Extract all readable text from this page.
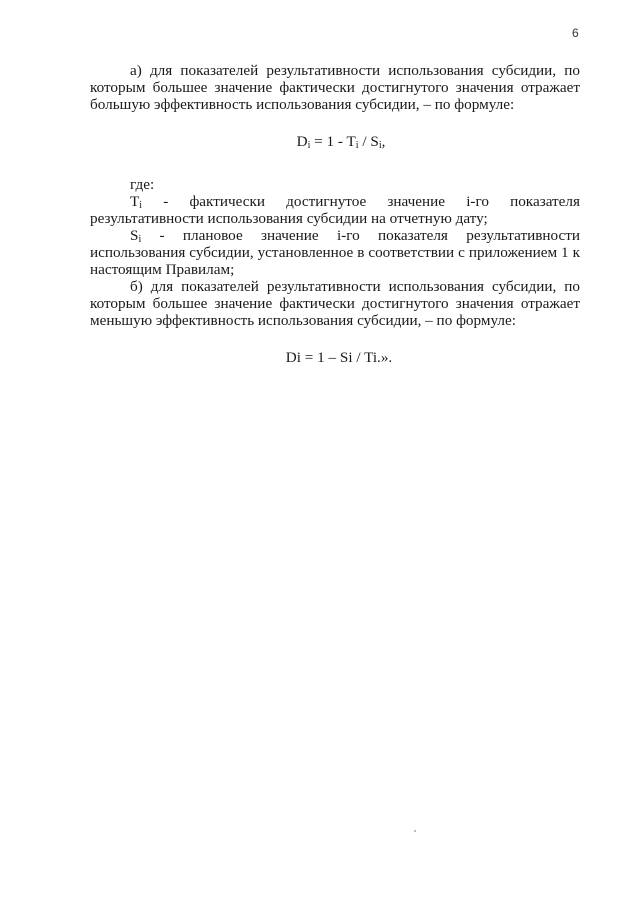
6

а) для показателей результативности использования субсидии, по которым большее значение фактически достигнутого значения отражает большую эффективность использования субсидии, – по формуле:

$D_i = 1 - T_i / S_i$,

где:

$T_i$ - фактически достигнутое значение i-го показателя результативности использования субсидии на отчетную дату;

$S_i$ - плановое значение i-го показателя результативности использования субсидии, установленное в соответствии с приложением 1 к настоящим Правилам;

б) для показателей результативности использования субсидии, по которым большее значение фактически достигнутого значения отражает меньшую эффективность использования субсидии, – по формуле:

Di = 1 – Si / Ti.».
